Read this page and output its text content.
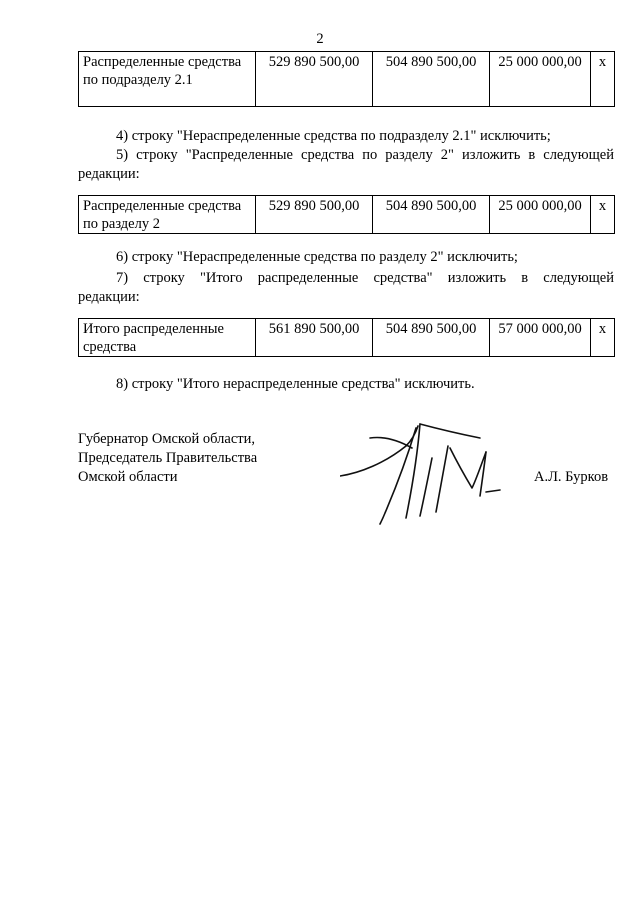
2
Распределенные средства по подразделу 2.1	529 890 500,00	504 890 500,00	25 000 000,00	х
4) строку "Нераспределенные средства по подразделу 2.1" исключить;
5) строку "Распределенные средства по разделу 2" изложить в следующей
редакции:
Распределенные средства по разделу 2	529 890 500,00	504 890 500,00	25 000 000,00	х
6) строку "Нераспределенные средства по разделу 2" исключить;
7) строку "Итого распределенные средства" изложить в следующей
редакции:
Итого распределенные средства	561 890 500,00	504 890 500,00	57 000 000,00	х
8) строку "Итого нераспределенные средства" исключить.
Губернатор Омской области,
Председатель Правительства
Омской области	А.Л. Бурков
